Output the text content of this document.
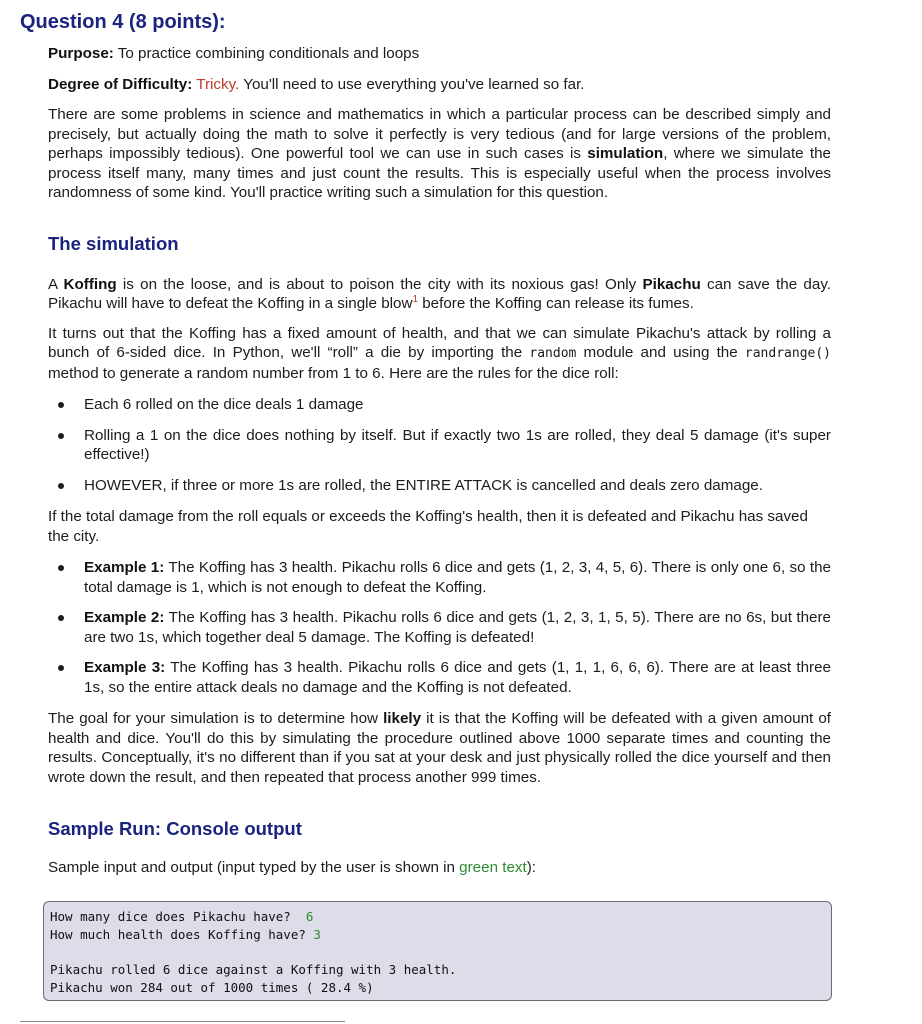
Question 4 (8 points):

Purpose: To practice combining conditionals and loops

Degree of Difficulty: Tricky. You'll need to use everything you've learned so far.

There are some problems in science and mathematics in which a particular process can be described simply and precisely, but actually doing the math to solve it perfectly is very tedious (and for large versions of the problem, perhaps impossibly tedious). One powerful tool we can use in such cases is simulation, where we simulate the process itself many, many times and just count the results. This is especially useful when the process involves randomness of some kind. You'll practice writing such a simulation for this question.

The simulation

A Koffing is on the loose, and is about to poison the city with its noxious gas! Only Pikachu can save the day. Pikachu will have to defeat the Koffing in a single blow$^1$ before the Koffing can release its fumes.

It turns out that the Koffing has a fixed amount of health, and that we can simulate Pikachu's attack by rolling a bunch of 6-sided dice. In Python, we'll “roll” a die by importing the random module and using the randrange() method to generate a random number from 1 to 6. Here are the rules for the dice roll:

Each 6 rolled on the dice deals 1 damage
Rolling a 1 on the dice does nothing by itself. But if exactly two 1s are rolled, they deal 5 damage (it's super effective!)
HOWEVER, if three or more 1s are rolled, the ENTIRE ATTACK is cancelled and deals zero damage.

If the total damage from the roll equals or exceeds the Koffing's health, then it is defeated and Pikachu has saved the city.

Example 1: The Koffing has 3 health. Pikachu rolls 6 dice and gets (1, 2, 3, 4, 5, 6). There is only one 6, so the total damage is 1, which is not enough to defeat the Koffing.
Example 2: The Koffing has 3 health. Pikachu rolls 6 dice and gets (1, 2, 3, 1, 5, 5). There are no 6s, but there are two 1s, which together deal 5 damage. The Koffing is defeated!
Example 3: The Koffing has 3 health. Pikachu rolls 6 dice and gets (1, 1, 1, 6, 6, 6). There are at least three 1s, so the entire attack deals no damage and the Koffing is not defeated.

The goal for your simulation is to determine how likely it is that the Koffing will be defeated with a given amount of health and dice. You'll do this by simulating the procedure outlined above 1000 separate times and counting the results. Conceptually, it's no different than if you sat at your desk and just physically rolled the dice yourself and then wrote down the result, and then repeated that process another 999 times.

Sample Run: Console output

Sample input and output (input typed by the user is shown in green text):

How many dice does Pikachu have?  6
How much health does Koffing have? 3
Pikachu rolled 6 dice against a Koffing with 3 health.
Pikachu won 284 out of 1000 times ( 28.4 %)
